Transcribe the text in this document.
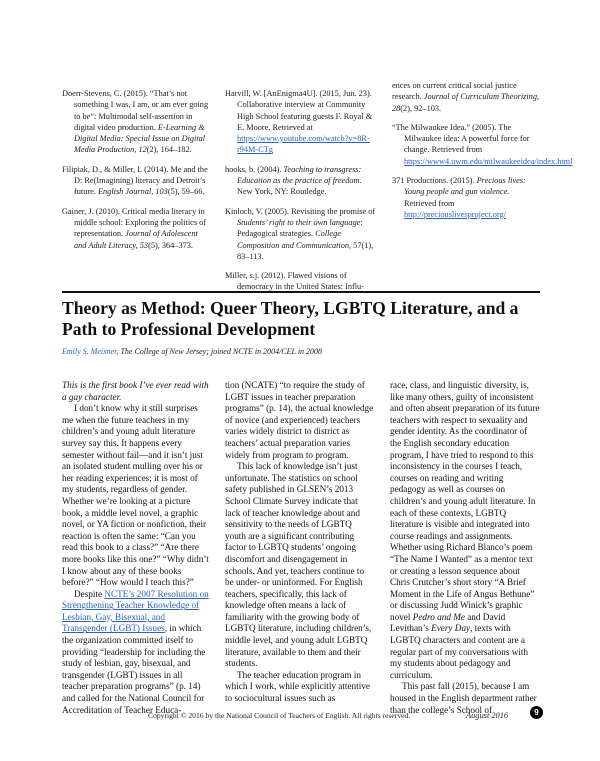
Doerr-Stevens, C. (2015). “That’s not something I was, I am, or am ever going to be”: Multimodal self-assertion in digital video production. E-Learning & Digital Media: Special Issue on Digital Media Production, 12(2), 164–182.
Filipiak, D., & Miller, I. (2014). Me and the D: Re(Imagining) literacy and Detroit’s future. English Journal, 103(5), 59–66.
Gainer, J. (2010). Critical media literacy in middle school: Exploring the politics of representation. Journal of Adolescent and Adult Literacy, 53(5), 364–373.
Harvill, W. [AnEnigma4U]. (2015, Jun. 23). Collaborative interview at Community High School featuring guests F. Royal & E. Moore. Retrieved at https://www.youtube.com/watch?v=8R-r94M-CTg
hooks, b. (2004). Teaching to transgress: Education as the practice of freedom. New York, NY: Routledge.
Kinloch, V. (2005). Revisiting the promise of Students’ right to their own language: Pedagogical strategies. College Composition and Communication, 57(1), 83–113.
Miller, s.j. (2012). Flawed visions of democracy in the United States: Influ-
ences on current critical social justice research. Journal of Curriculum Theorizing, 28(2), 92–103.
“The Milwaukee Idea.” (2005). The Milwaukee idea: A powerful force for change. Retrieved from https://www4.uwm.edu/milwaukeeidea/index.html
371 Productions. (2015). Precious lives: Young people and gun violence. Retrieved from http://preciouslivesproject.org/
Theory as Method: Queer Theory, LGBTQ Literature, and a Path to Professional Development

Emily S. Meixner, The College of New Jersey; joined NCTE in 2004/CEL in 2008

This is the first book I’ve ever read with a gay character.

I don’t know why it still surprises me when the future teachers in my children’s and young adult literature survey say this. It happens every semester without fail—and it isn’t just an isolated student mulling over his or her reading experiences; it is most of my students, regardless of gender. Whether we’re looking at a picture book, a middle level novel, a graphic novel, or YA fiction or nonfiction, their reaction is often the same: “Can you read this book to a class?” “Are there more books like this one?” “Why didn’t I know about any of these books before?” “How would I teach this?”

Despite NCTE’s 2007 Resolution on Strengthening Teacher Knowledge of Lesbian, Gay, Bisexual, and Transgender (LGBT) Issues, in which the organization committed itself to providing “leadership for including the study of lesbian, gay, bisexual, and transgender (LGBT) issues in all teacher preparation programs” (p. 14) and called for the National Council for Accreditation of Teacher Educa-

tion (NCATE) “to require the study of LGBT issues in teacher preparation programs” (p. 14), the actual knowledge of novice (and experienced) teachers varies widely district to district as teachers’ actual preparation varies widely from program to program.

This lack of knowledge isn’t just unfortunate. The statistics on school safety published in GLSEN’s 2013 School Climate Survey indicate that lack of teacher knowledge about and sensitivity to the needs of LGBTQ youth are a significant contributing factor to LGBTQ students’ ongoing discomfort and disengagement in schools. And yet, teachers continue to be under- or uninformed. For English teachers, specifically, this lack of knowledge often means a lack of familiarity with the growing body of LGBTQ literature, including children’s, middle level, and young adult LGBTQ literature, available to them and their students.

The teacher education program in which I work, while explicitly attentive to sociocultural issues such as

race, class, and linguistic diversity, is, like many others, guilty of inconsistent and often absent preparation of its future teachers with respect to sexuality and gender identity. As the coordinator of the English secondary education program, I have tried to respond to this inconsistency in the courses I teach, courses on reading and writing pedagogy as well as courses on children’s and young adult literature. In each of these contexts, LGBTQ literature is visible and integrated into course readings and assignments. Whether using Richard Blanco’s poem “The Name I Wanted” as a mentor text or creating a lesson sequence about Chris Crutcher’s short story “A Brief Moment in the Life of Angus Bethune” or discussing Judd Winick’s graphic novel Pedro and Me and David Levithan’s Every Day, texts with LGBTQ characters and content are a regular part of my conversations with my students about pedagogy and curriculum.

This past fall (2015), because I am housed in the English department rather than the college’s School of

Copyright © 2016 by the National Council of Teachers of English. All rights reserved.	August 2016	9
